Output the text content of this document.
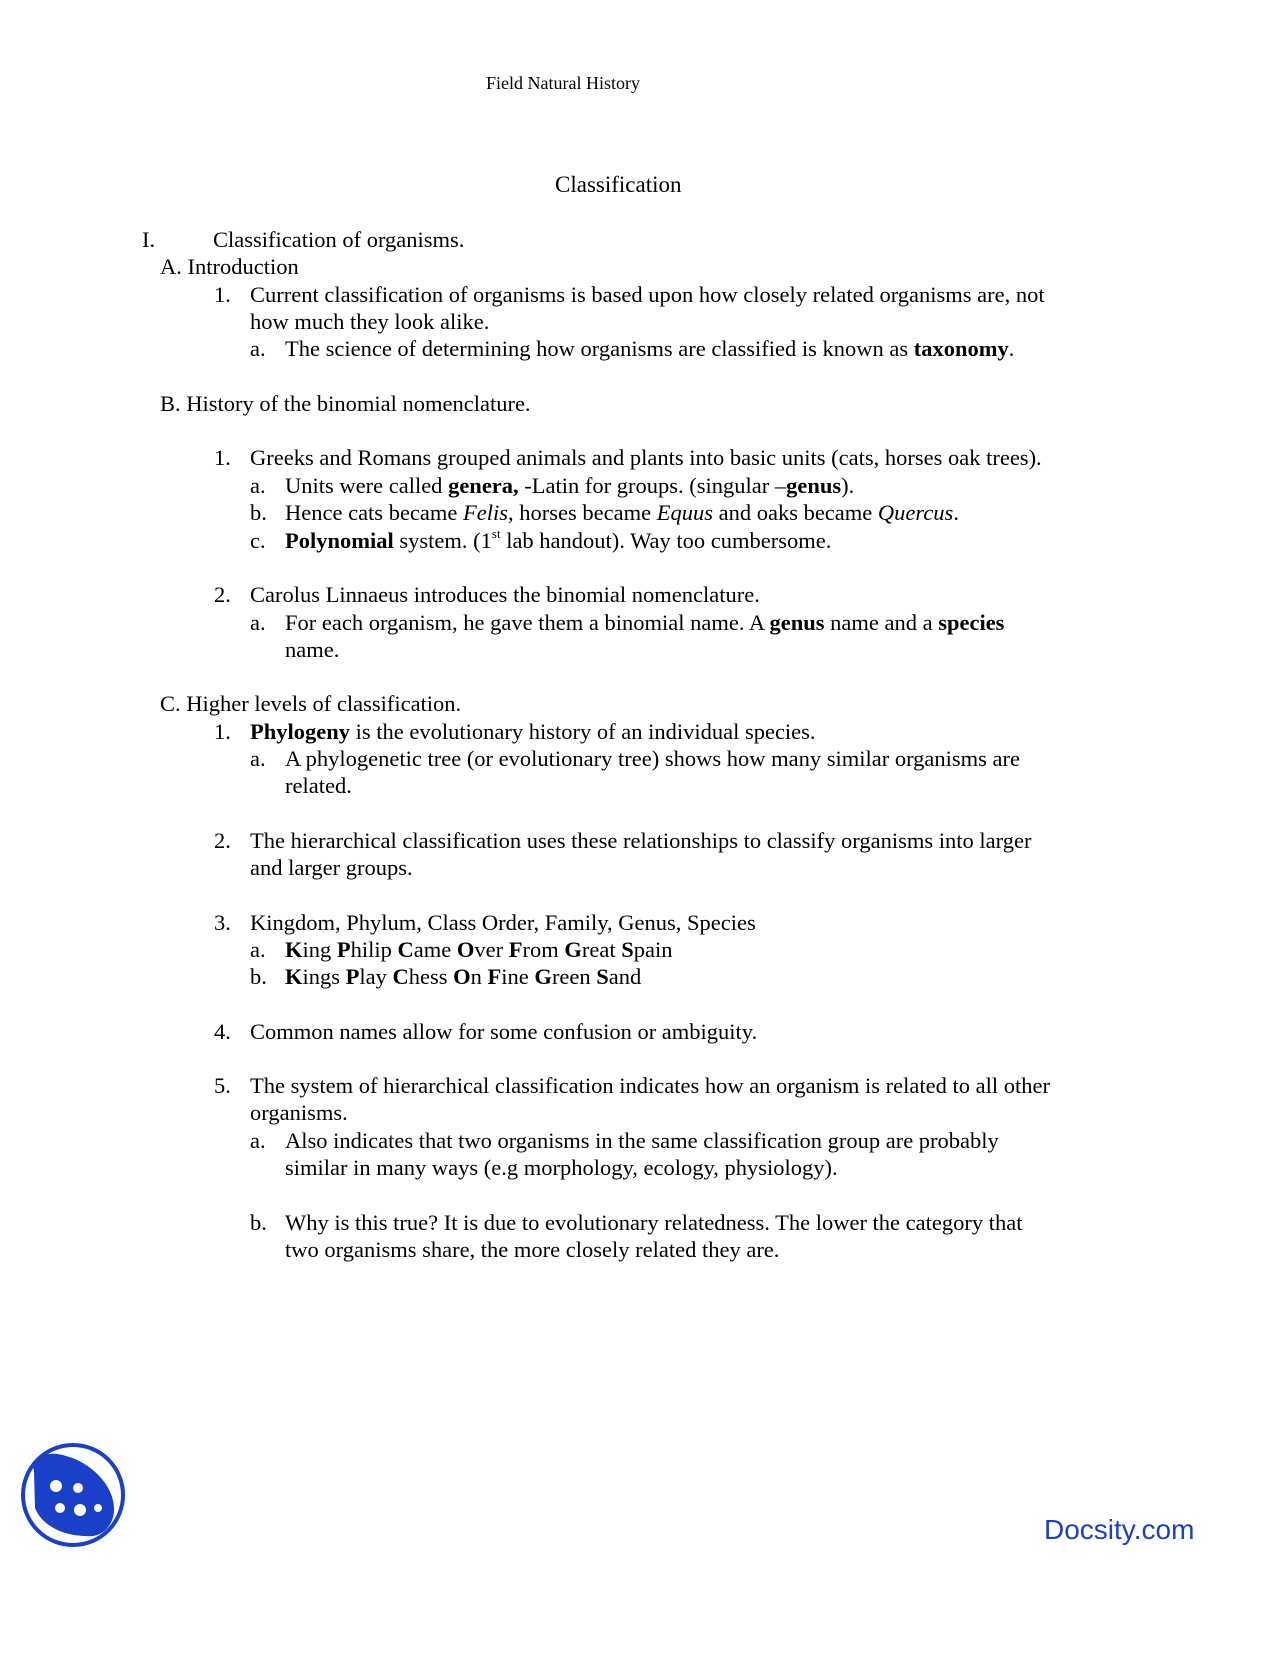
Field Natural History
Classification
I.	Classification of organisms.
A. Introduction
1. Current classification of organisms is based upon how closely related organisms are, not
how much they look alike.
a. The science of determining how organisms are classified is known as taxonomy.
B. History of the binomial nomenclature.
1. Greeks and Romans grouped animals and plants into basic units (cats, horses oak trees).
a. Units were called genera, -Latin for groups. (singular –genus).
b. Hence cats became Felis, horses became Equus and oaks became Quercus.
c. Polynomial system. (1st lab handout). Way too cumbersome.
2. Carolus Linnaeus introduces the binomial nomenclature.
a. For each organism, he gave them a binomial name. A genus name and a species
name.
C. Higher levels of classification.
1. Phylogeny is the evolutionary history of an individual species.
a. A phylogenetic tree (or evolutionary tree) shows how many similar organisms are
related.
2. The hierarchical classification uses these relationships to classify organisms into larger
and larger groups.
3. Kingdom, Phylum, Class Order, Family, Genus, Species
a. King Philip Came Over From Great Spain
b. Kings Play Chess On Fine Green Sand
4. Common names allow for some confusion or ambiguity.
5. The system of hierarchical classification indicates how an organism is related to all other
organisms.
a. Also indicates that two organisms in the same classification group are probably
similar in many ways (e.g morphology, ecology, physiology).
b. Why is this true? It is due to evolutionary relatedness. The lower the category that
two organisms share, the more closely related they are.
Docsity.com
